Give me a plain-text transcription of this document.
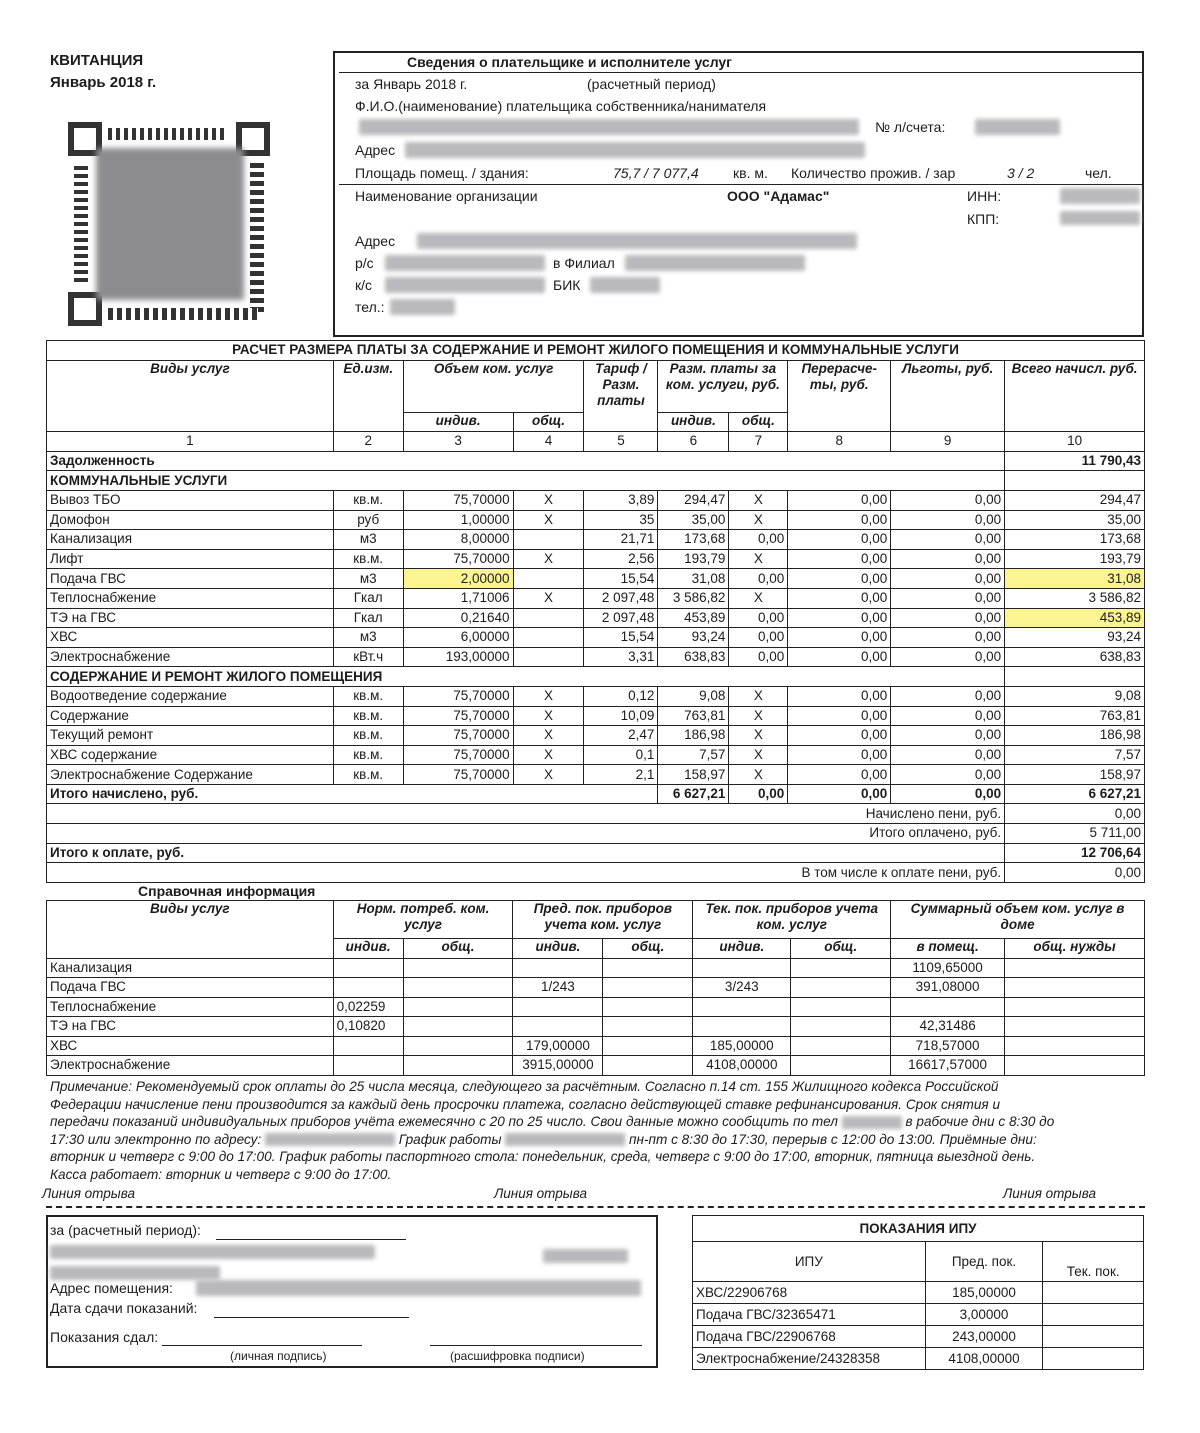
КВИТАНЦИЯ
Январь 2018 г.
Сведения о плательщике и исполнителе услуг
за Январь 2018 г.	(расчетный период)
Ф.И.О.(наименование) плательщика собственника/нанимателя
№ л/счета:
Адрес
Площадь помещ. / здания:	75,7 / 7 077,4 кв. м. Количество прожив. / зар	3 / 2	чел.
Наименование организации	ООО "Адамас"	ИНН:
КПП:
Адрес
р/с	в Филиал
к/с	БИК
тел.:
РАСЧЕТ РАЗМЕРА ПЛАТЫ ЗА СОДЕРЖАНИЕ И РЕМОНТ ЖИЛОГО ПОМЕЩЕНИЯ И КОММУНАЛЬНЫЕ УСЛУГИ									
Виды услуг	Ед.изм.	Объем ком. услуг		Тариф / Разм. платы	Разм. платы за ком. услуги, руб.		Перерасче-ты, руб.	Льготы, руб.	Всего начисл. руб.
		индив.	общ.		индив.	общ.			
1	2	3	4	5	6	7	8	9	10
Задолженность									11 790,43
КОММУНАЛЬНЫЕ УСЛУГИ									
Вывоз ТБО	кв.м.	75,70000	X	3,89	294,47	X	0,00	0,00	294,47
Домофон	руб	1,00000	X	35	35,00	X	0,00	0,00	35,00
Канализация	м3	8,00000		21,71	173,68	0,00	0,00	0,00	173,68
Лифт	кв.м.	75,70000	X	2,56	193,79	X	0,00	0,00	193,79
Подача ГВС	м3	2,00000		15,54	31,08	0,00	0,00	0,00	31,08
Теплоснабжение	Гкал	1,71006	X	2 097,48	3 586,82	X	0,00	0,00	3 586,82
ТЭ на ГВС	Гкал	0,21640		2 097,48	453,89	0,00	0,00	0,00	453,89
ХВС	м3	6,00000		15,54	93,24	0,00	0,00	0,00	93,24
Электроснабжение	кВт.ч	193,00000		3,31	638,83	0,00	0,00	0,00	638,83
СОДЕРЖАНИЕ И РЕМОНТ ЖИЛОГО ПОМЕЩЕНИЯ									
Водоотведение содержание	кв.м.	75,70000	X	0,12	9,08	X	0,00	0,00	9,08
Содержание	кв.м.	75,70000	X	10,09	763,81	X	0,00	0,00	763,81
Текущий ремонт	кв.м.	75,70000	X	2,47	186,98	X	0,00	0,00	186,98
ХВС содержание	кв.м.	75,70000	X	0,1	7,57	X	0,00	0,00	7,57
Электроснабжение Содержание	кв.м.	75,70000	X	2,1	158,97	X	0,00	0,00	158,97
Итого начислено, руб.					6 627,21	0,00	0,00	0,00	6 627,21
Начислено пени, руб.									0,00
Итого оплачено, руб.									5 711,00
Итого к оплате, руб.									12 706,64
В том числе к оплате пени, руб.									0,00
Справочная информация
Виды услуг	Норм. потреб. ком. услуг		Пред. пок. приборов учета ком. услуг		Тек. пок. приборов учета ком. услуг		Суммарный объем ком. услуг в доме	
	индив.	общ.	индив.	общ.	индив.	общ.	в помещ.	общ. нужды
Канализация							1109,65000	
Подача ГВС			1/243		3/243		391,08000	
Теплоснабжение	0,02259							
ТЭ на ГВС	0,10820						42,31486	
ХВС			179,00000		185,00000		718,57000	
Электроснабжение			3915,00000		4108,00000		16617,57000	
Примечание: Рекомендуемый срок оплаты до 25 числа месяца, следующего за расчётным. Согласно п.14 ст. 155 Жилищного кодекса Российской
Федерации начисление пени производится за каждый день просрочки платежа, согласно действующей ставке рефинансирования. Срок снятия и
передачи показаний индивидуальных приборов учёта ежемесячно с 20 по 25 число. Свои данные можно сообщить по тел	в рабочие дни с 8:30 до
17:30 или электронно по адресу:	График работы	пн-пт с 8:30 до 17:30, перерыв с 12:00 до 13:00. Приёмные дни:
вторник и четверг с 9:00 до 17:00. График работы паспортного стола: понедельник, среда, четверг с 9:00 до 17:00, вторник, пятница выездной день.
Касса работает: вторник и четверг с 9:00 до 17:00.
Линия отрыва	Линия отрыва	Линия отрыва
за (расчетный период):
Адрес помещения:
Дата сдачи показаний:
Показания сдал:
(личная подпись)	(расшифровка подписи)
ПОКАЗАНИЯ ИПУ		
ИПУ	Пред. пок.	Тек. пок.
ХВС/22906768	185,00000	
Подача ГВС/32365471	3,00000	
Подача ГВС/22906768	243,00000	
Электроснабжение/24328358	4108,00000	
